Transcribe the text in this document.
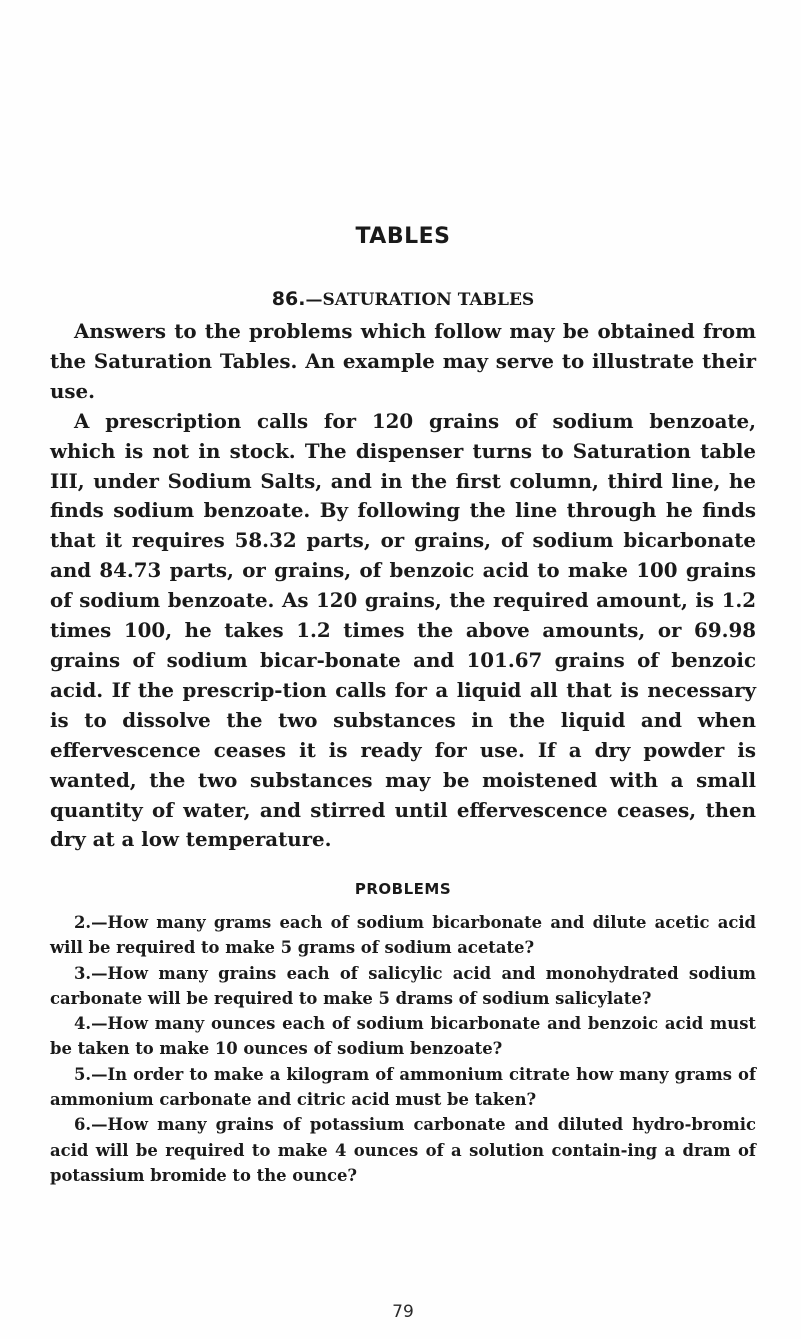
TABLES
86.—SATURATION TABLES

Answers to the problems which follow may be obtained from the Saturation Tables. An example may serve to illustrate their use.

A prescription calls for 120 grains of sodium benzoate, which is not in stock. The dispenser turns to Saturation table III, under Sodium Salts, and in the first column, third line, he finds sodium benzoate. By following the line through he finds that it requires 58.32 parts, or grains, of sodium bicarbonate and 84.73 parts, or grains, of benzoic acid to make 100 grains of sodium benzoate. As 120 grains, the required amount, is 1.2 times 100, he takes 1.2 times the above amounts, or 69.98 grains of sodium bicar-bonate and 101.67 grains of benzoic acid. If the prescrip-tion calls for a liquid all that is necessary is to dissolve the two substances in the liquid and when effervescence ceases it is ready for use. If a dry powder is wanted, the two substances may be moistened with a small quantity of water, and stirred until effervescence ceases, then dry at a low temperature.

PROBLEMS

2.—How many grams each of sodium bicarbonate and dilute acetic acid will be required to make 5 grams of sodium acetate?

3.—How many grains each of salicylic acid and monohydrated sodium carbonate will be required to make 5 drams of sodium salicylate?

4.—How many ounces each of sodium bicarbonate and benzoic acid must be taken to make 10 ounces of sodium benzoate?

5.—In order to make a kilogram of ammonium citrate how many grams of ammonium carbonate and citric acid must be taken?

6.—How many grains of potassium carbonate and diluted hydro-bromic acid will be required to make 4 ounces of a solution contain-ing a dram of potassium bromide to the ounce?

79
